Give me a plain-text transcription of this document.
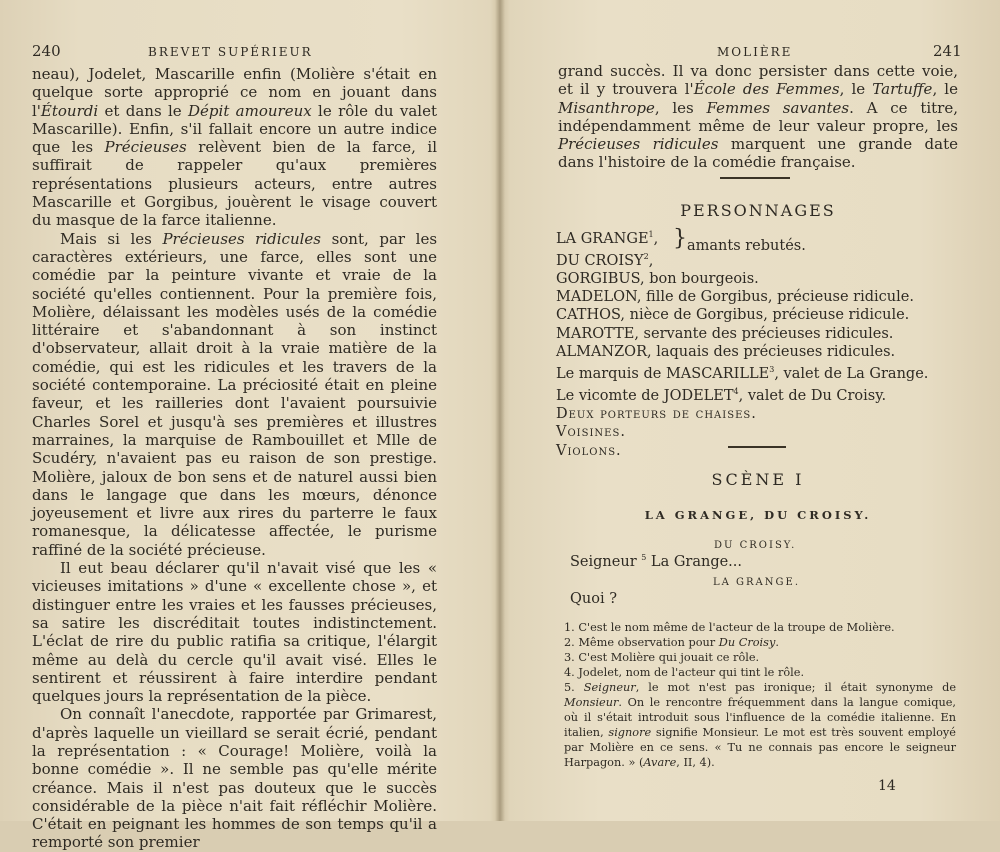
240	BREVET SUPÉRIEUR

neau), Jodelet, Mascarille enfin (Molière s'était en quelque sorte approprié ce nom en jouant dans l'Étourdi et dans le Dépit amoureux le rôle du valet Mascarille). Enfin, s'il fallait encore un autre indice que les Précieuses relèvent bien de la farce, il suffirait de rappeler qu'aux premières représentations plusieurs acteurs, entre autres Mascarille et Gorgibus, jouèrent le visage couvert du masque de la farce italienne.

Mais si les Précieuses ridicules sont, par les caractères extérieurs, une farce, elles sont une comédie par la peinture vivante et vraie de la société qu'elles contiennent. Pour la première fois, Molière, délaissant les modèles usés de la comédie littéraire et s'abandonnant à son instinct d'observateur, allait droit à la vraie matière de la comédie, qui est les ridicules et les travers de la société contemporaine. La préciosité était en pleine faveur, et les railleries dont l'avaient poursuivie Charles Sorel et jusqu'à ses premières et illustres marraines, la marquise de Rambouillet et Mlle de Scudéry, n'avaient pas eu raison de son prestige. Molière, jaloux de bon sens et de naturel aussi bien dans le langage que dans les mœurs, dénonce joyeusement et livre aux rires du parterre le faux romanesque, la délicatesse affectée, le purisme raffiné de la société précieuse.

Il eut beau déclarer qu'il n'avait visé que les « vicieuses imitations » d'une « excellente chose », et distinguer entre les vraies et les fausses précieuses, sa satire les discréditait toutes indistinctement. L'éclat de rire du public ratifia sa critique, l'élargit même au delà du cercle qu'il avait visé. Elles le sentirent et réussirent à faire interdire pendant quelques jours la représentation de la pièce.

On connaît l'anecdote, rapportée par Grimarest, d'après laquelle un vieillard se serait écrié, pendant la représentation : « Courage! Molière, voilà la bonne comédie ». Il ne semble pas qu'elle mérite créance. Mais il n'est pas douteux que le succès considérable de la pièce n'ait fait réfléchir Molière. C'était en peignant les hommes de son temps qu'il a remporté son premier

MOLIÈRE	241

grand succès. Il va donc persister dans cette voie, et il y trouvera l'École des Femmes, le Tartuffe, le Misanthrope, les Femmes savantes. A ce titre, indépendamment même de leur valeur propre, les Précieuses ridicules marquent une grande date dans l'histoire de la comédie française.

PERSONNAGES
LA GRANGE$^1$,
DU CROISY$^2$,
GORGIBUS, bon bourgeois.
MADELON, fille de Gorgibus, précieuse ridicule.
CATHOS, nièce de Gorgibus, précieuse ridicule.
MAROTTE, servante des précieuses ridicules.
ALMANZOR, laquais des précieuses ridicules.
Le marquis de MASCARILLE$^3$, valet de La Grange.
Le vicomte de JODELET$^4$, valet de Du Croisy.
Deux porteurs de chaises.
Voisines.
Violons.
} amants rebutés.
SCÈNE I
LA GRANGE, DU CROISY.
DU CROISY.
Seigneur $^5$ La Grange...
LA GRANGE.
Quoi ?

1. C'est le nom même de l'acteur de la troupe de Molière.

2. Même observation pour Du Croisy.

3. C'est Molière qui jouait ce rôle.

4. Jodelet, nom de l'acteur qui tint le rôle.

5. Seigneur, le mot n'est pas ironique; il était synonyme de Monsieur. On le rencontre fréquemment dans la langue comique, où il s'était introduit sous l'influence de la comédie italienne. En italien, signore signifie Monsieur. Le mot est très souvent employé par Molière en ce sens. « Tu ne connais pas encore le seigneur Harpagon. » (Avare, II, 4).

14
